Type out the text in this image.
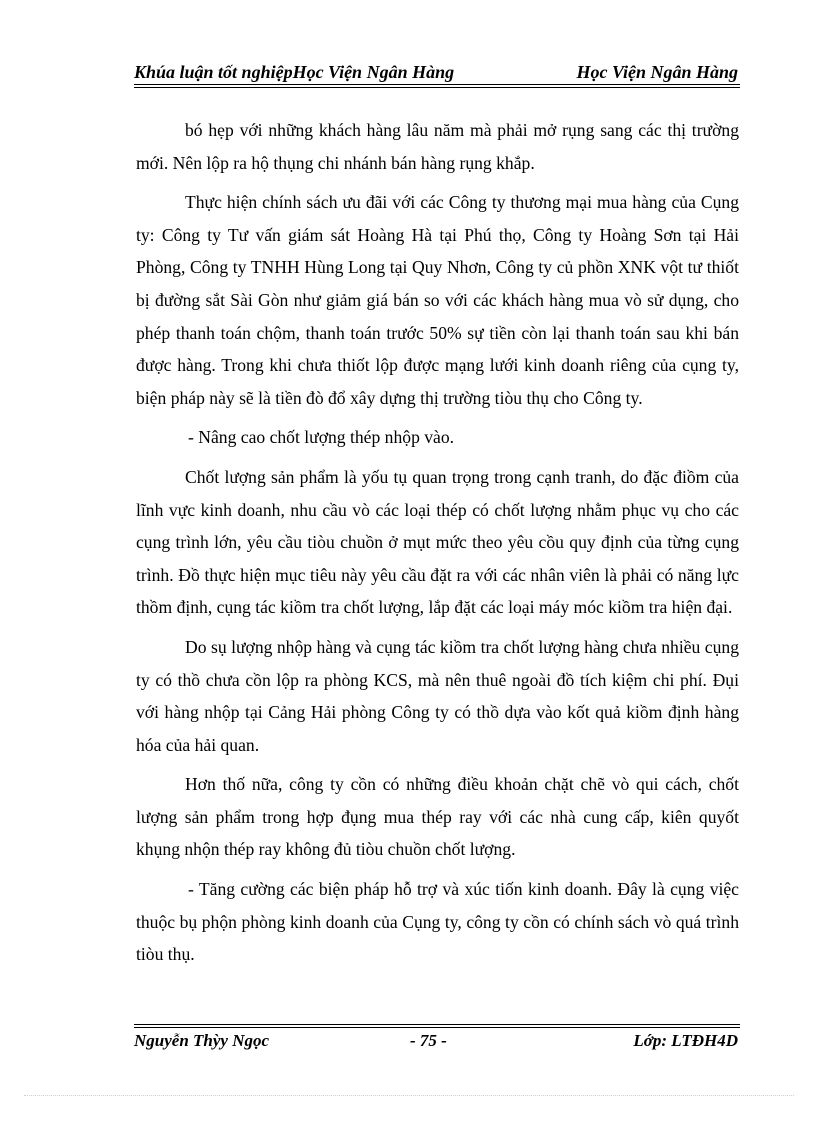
Khúa luận tốt nghiệpHọc Viện Ngân Hàng	Học Viện Ngân Hàng

bó hẹp với những khách hàng lâu năm mà phải mở rụng sang các thị trường mới. Nên lộp ra hộ thụng chi nhánh bán hàng rụng khắp.

Thực hiện chính sách ưu đãi với các Công ty thương mại mua hàng của Cụng ty: Công ty Tư vấn giám sát Hoàng Hà tại Phú thọ, Công ty Hoàng Sơn tại Hải Phòng, Công ty TNHH Hùng Long tại Quy Nhơn, Công ty củ phồn XNK vột tư thiốt bị đường sắt Sài Gòn như giảm giá bán so với các khách hàng mua vò sử dụng, cho phép thanh toán chộm, thanh toán trước 50% sự tiền còn lại thanh toán sau khi bán được hàng. Trong khi chưa thiốt lộp được mạng lưới kinh doanh riêng của cụng ty, biện pháp này sẽ là tiền đò đổ xây dựng thị trường tiòu thụ cho Công ty.

- Nâng cao chốt lượng thép nhộp vào.

Chốt lượng sản phẩm là yốu tụ quan trọng trong cạnh tranh, do đặc điồm của lĩnh vực kinh doanh, nhu cầu vò các loại thép có chốt lượng nhằm phục vụ cho các cụng trình lớn, yêu cầu tiòu chuồn ở mụt mức theo yêu cồu quy định của từng cụng trình. Đồ thực hiện mục tiêu này yêu cầu đặt ra với các nhân viên là phải có năng lực thồm định, cụng tác kiồm tra chốt lượng, lắp đặt các loại máy móc kiồm tra hiện đại.

Do sụ lượng nhộp hàng và cụng tác kiồm tra chốt lượng hàng chưa nhiều cụng ty có thồ chưa cồn lộp ra phòng KCS, mà nên thuê ngoài đồ tích kiệm chi phí. Đụi với hàng nhộp tại Cảng Hải phòng Công ty có thồ dựa vào kốt quả kiồm định hàng hóa của hải quan.

Hơn thố nữa, công ty cồn có những điều khoản chặt chẽ vò qui cách, chốt lượng sản phẩm trong hợp đụng mua thép ray với các nhà cung cấp, kiên quyốt khụng nhộn thép ray không đủ tiòu chuồn chốt lượng.

- Tăng cường các biện pháp hỗ trợ và xúc tiốn kinh doanh. Đây là cụng việc thuộc bụ phộn phòng kinh doanh của Cụng ty, công ty cồn có chính sách vò quá trình tiòu thụ.

Nguyễn Thỳy Ngọc	- 75 -	Lớp: LTĐH4D
